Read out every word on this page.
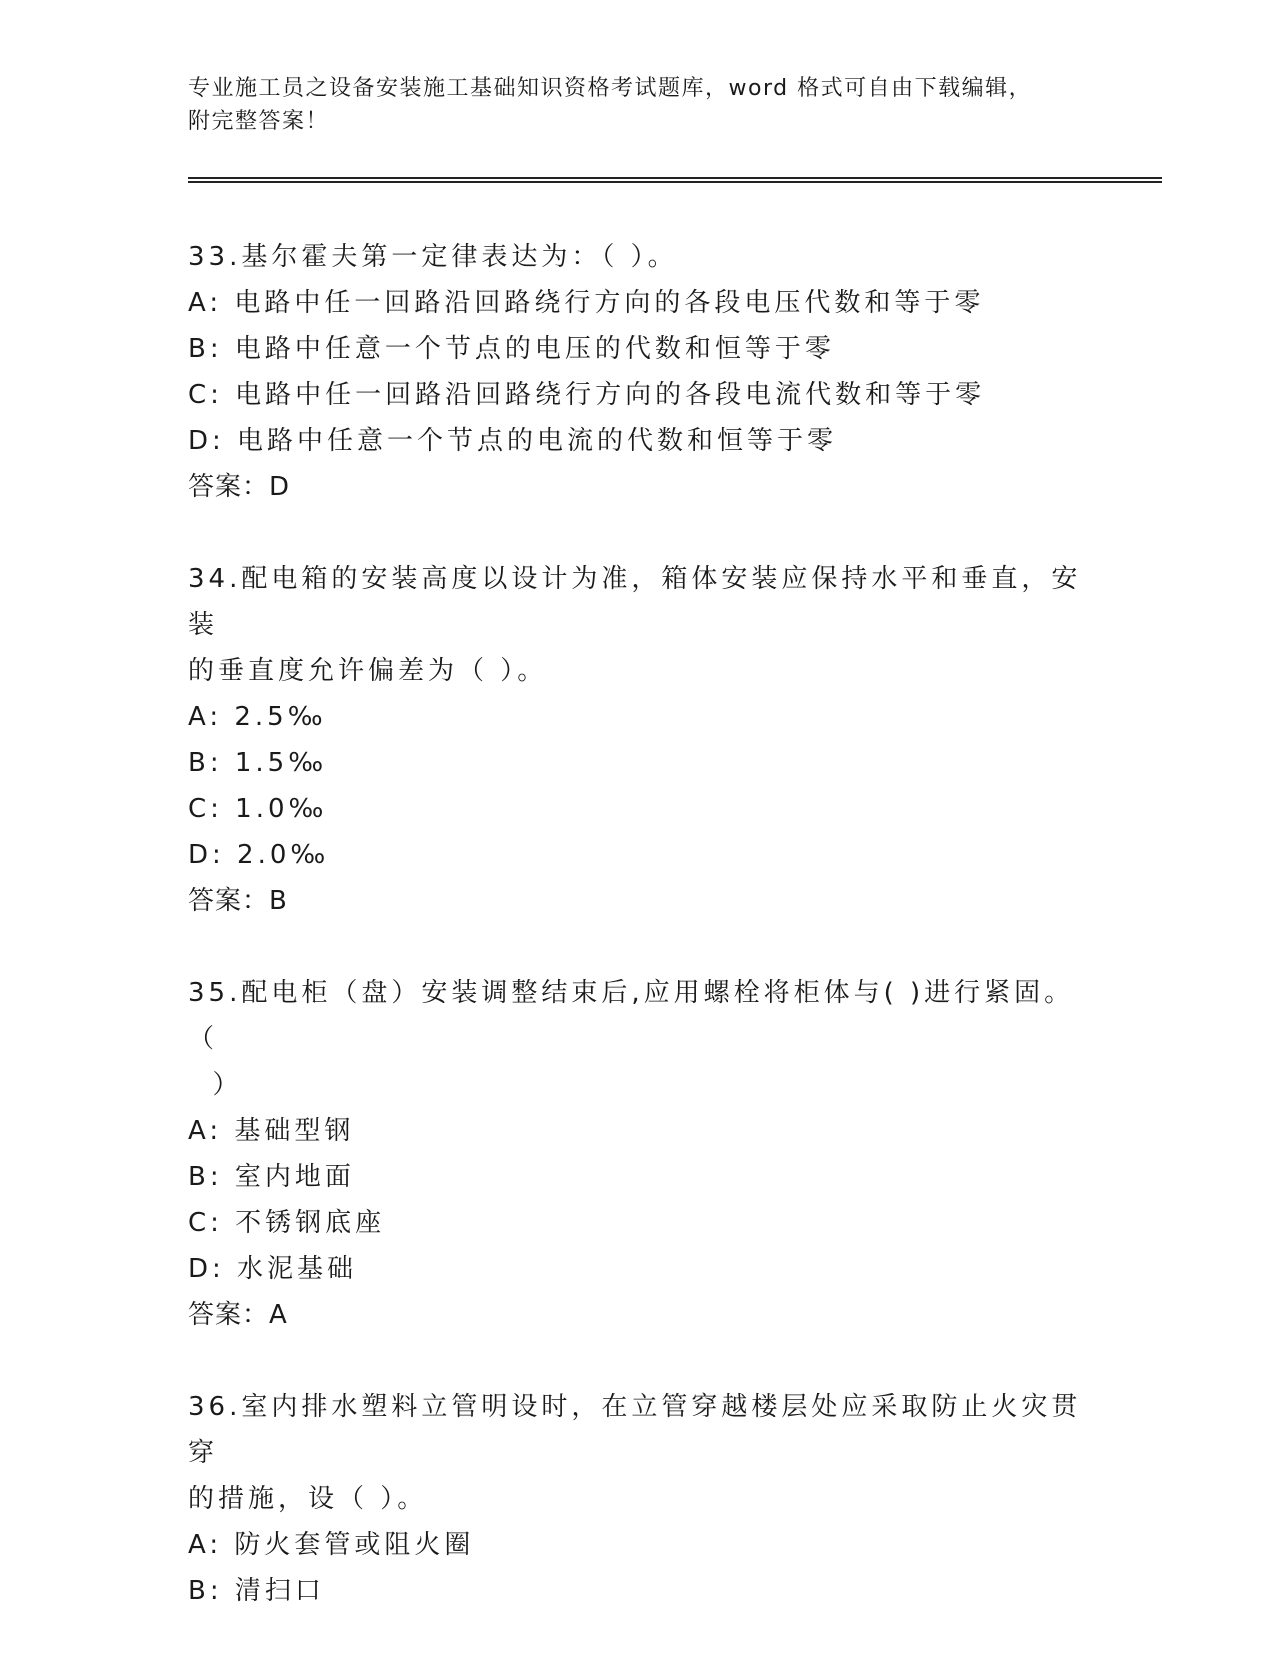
专业施工员之设备安装施工基础知识资格考试题库，word 格式可自由下载编辑，
附完整答案！
33.基尔霍夫第一定律表达为：（ ）。
A: 电路中任一回路沿回路绕行方向的各段电压代数和等于零
B: 电路中任意一个节点的电压的代数和恒等于零
C: 电路中任一回路沿回路绕行方向的各段电流代数和等于零
D: 电路中任意一个节点的电流的代数和恒等于零
答案：D
34.配电箱的安装高度以设计为准，箱体安装应保持水平和垂直，安装
的垂直度允许偏差为（ ）。
A: 2.5‰
B: 1.5‰
C: 1.0‰
D: 2.0‰
答案：B
35.配电柜（盘）安装调整结束后,应用螺栓将柜体与( )进行紧固。（
）
A: 基础型钢
B: 室内地面
C: 不锈钢底座
D: 水泥基础
答案：A
36.室内排水塑料立管明设时，在立管穿越楼层处应采取防止火灾贯穿
的措施，设（ ）。
A: 防火套管或阻火圈
B: 清扫口
